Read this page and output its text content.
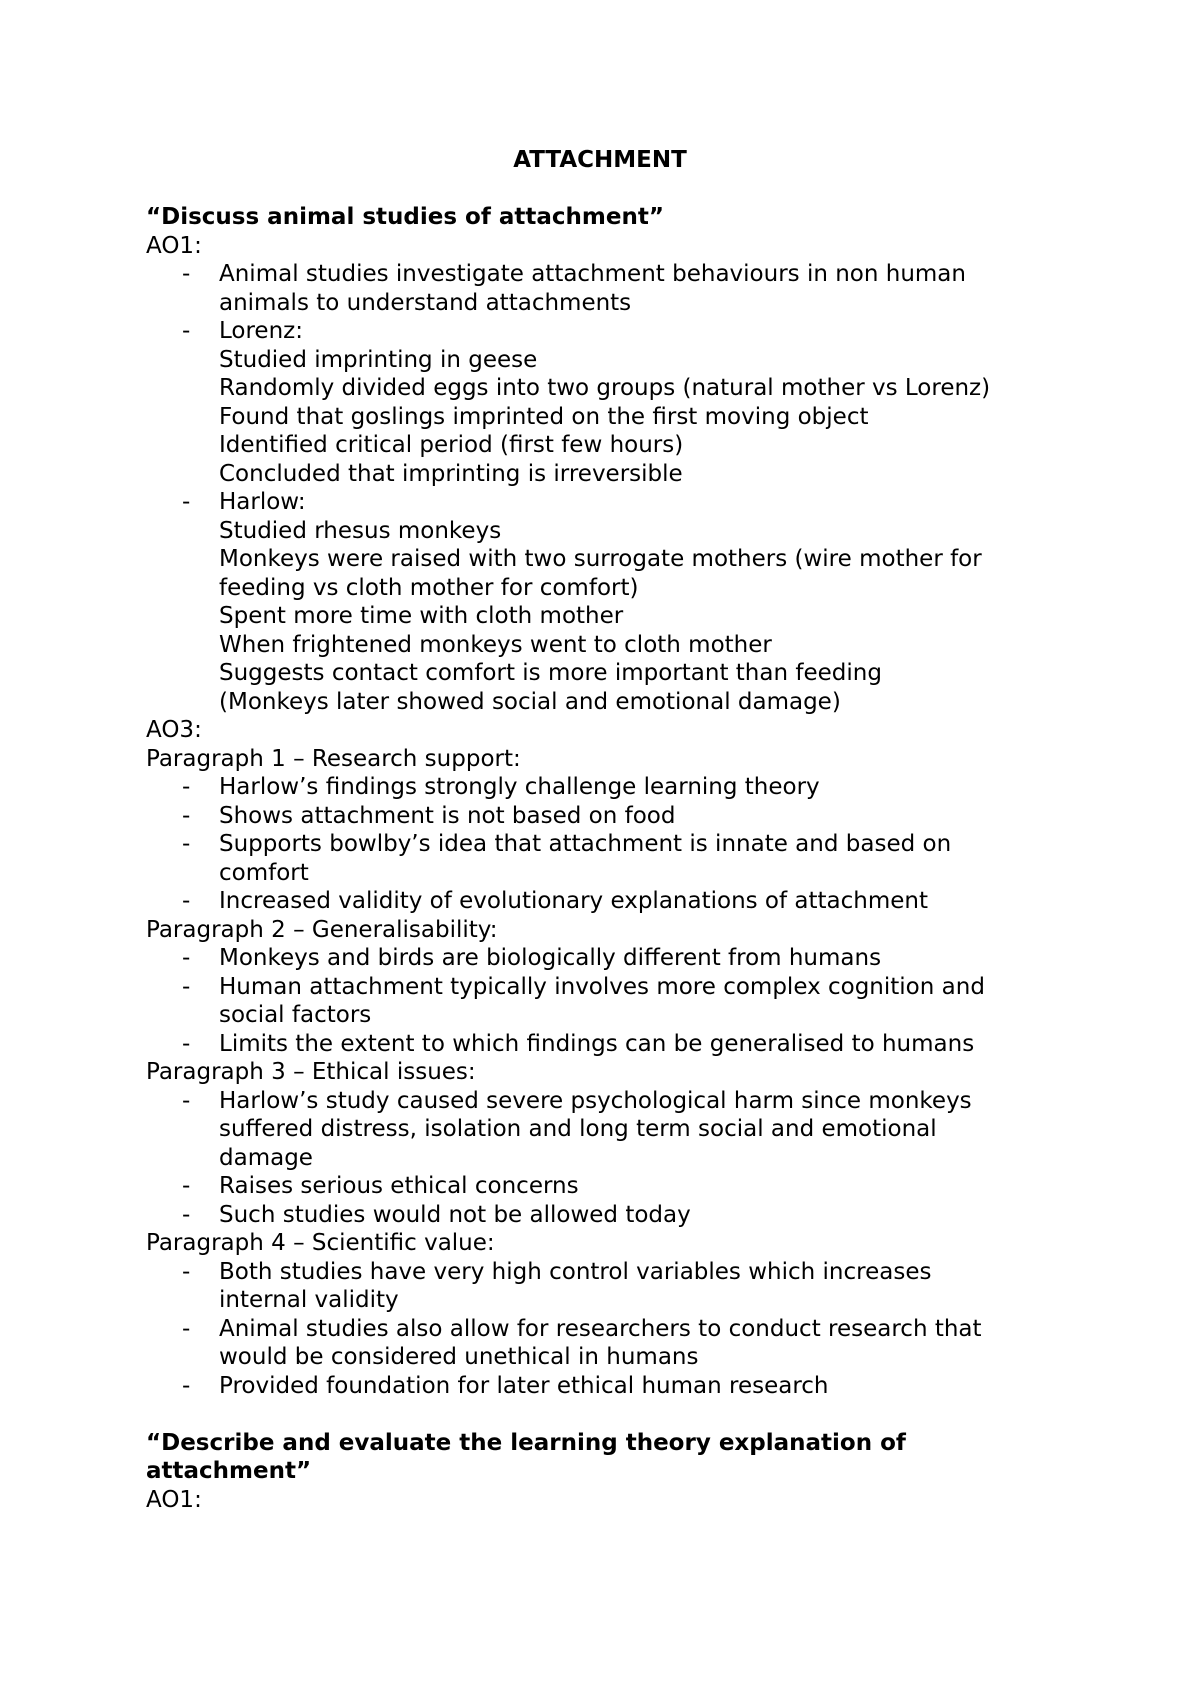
ATTACHMENT
“Discuss animal studies of attachment”
AO1:
- Animal studies investigate attachment behaviours in non human
animals to understand attachments
- Lorenz:
Studied imprinting in geese
Randomly divided eggs into two groups (natural mother vs Lorenz)
Found that goslings imprinted on the first moving object
Identified critical period (first few hours)
Concluded that imprinting is irreversible
- Harlow:
Studied rhesus monkeys
Monkeys were raised with two surrogate mothers (wire mother for
feeding vs cloth mother for comfort)
Spent more time with cloth mother
When frightened monkeys went to cloth mother
Suggests contact comfort is more important than feeding
(Monkeys later showed social and emotional damage)
AO3:
Paragraph 1 – Research support:
- Harlow’s findings strongly challenge learning theory
- Shows attachment is not based on food
- Supports bowlby’s idea that attachment is innate and based on
comfort
- Increased validity of evolutionary explanations of attachment
Paragraph 2 – Generalisability:
- Monkeys and birds are biologically different from humans
- Human attachment typically involves more complex cognition and
social factors
- Limits the extent to which findings can be generalised to humans
Paragraph 3 – Ethical issues:
- Harlow’s study caused severe psychological harm since monkeys
suffered distress, isolation and long term social and emotional
damage
- Raises serious ethical concerns
- Such studies would not be allowed today
Paragraph 4 – Scientific value:
- Both studies have very high control variables which increases
internal validity
- Animal studies also allow for researchers to conduct research that
would be considered unethical in humans
- Provided foundation for later ethical human research
“Describe and evaluate the learning theory explanation of
attachment”
AO1:
